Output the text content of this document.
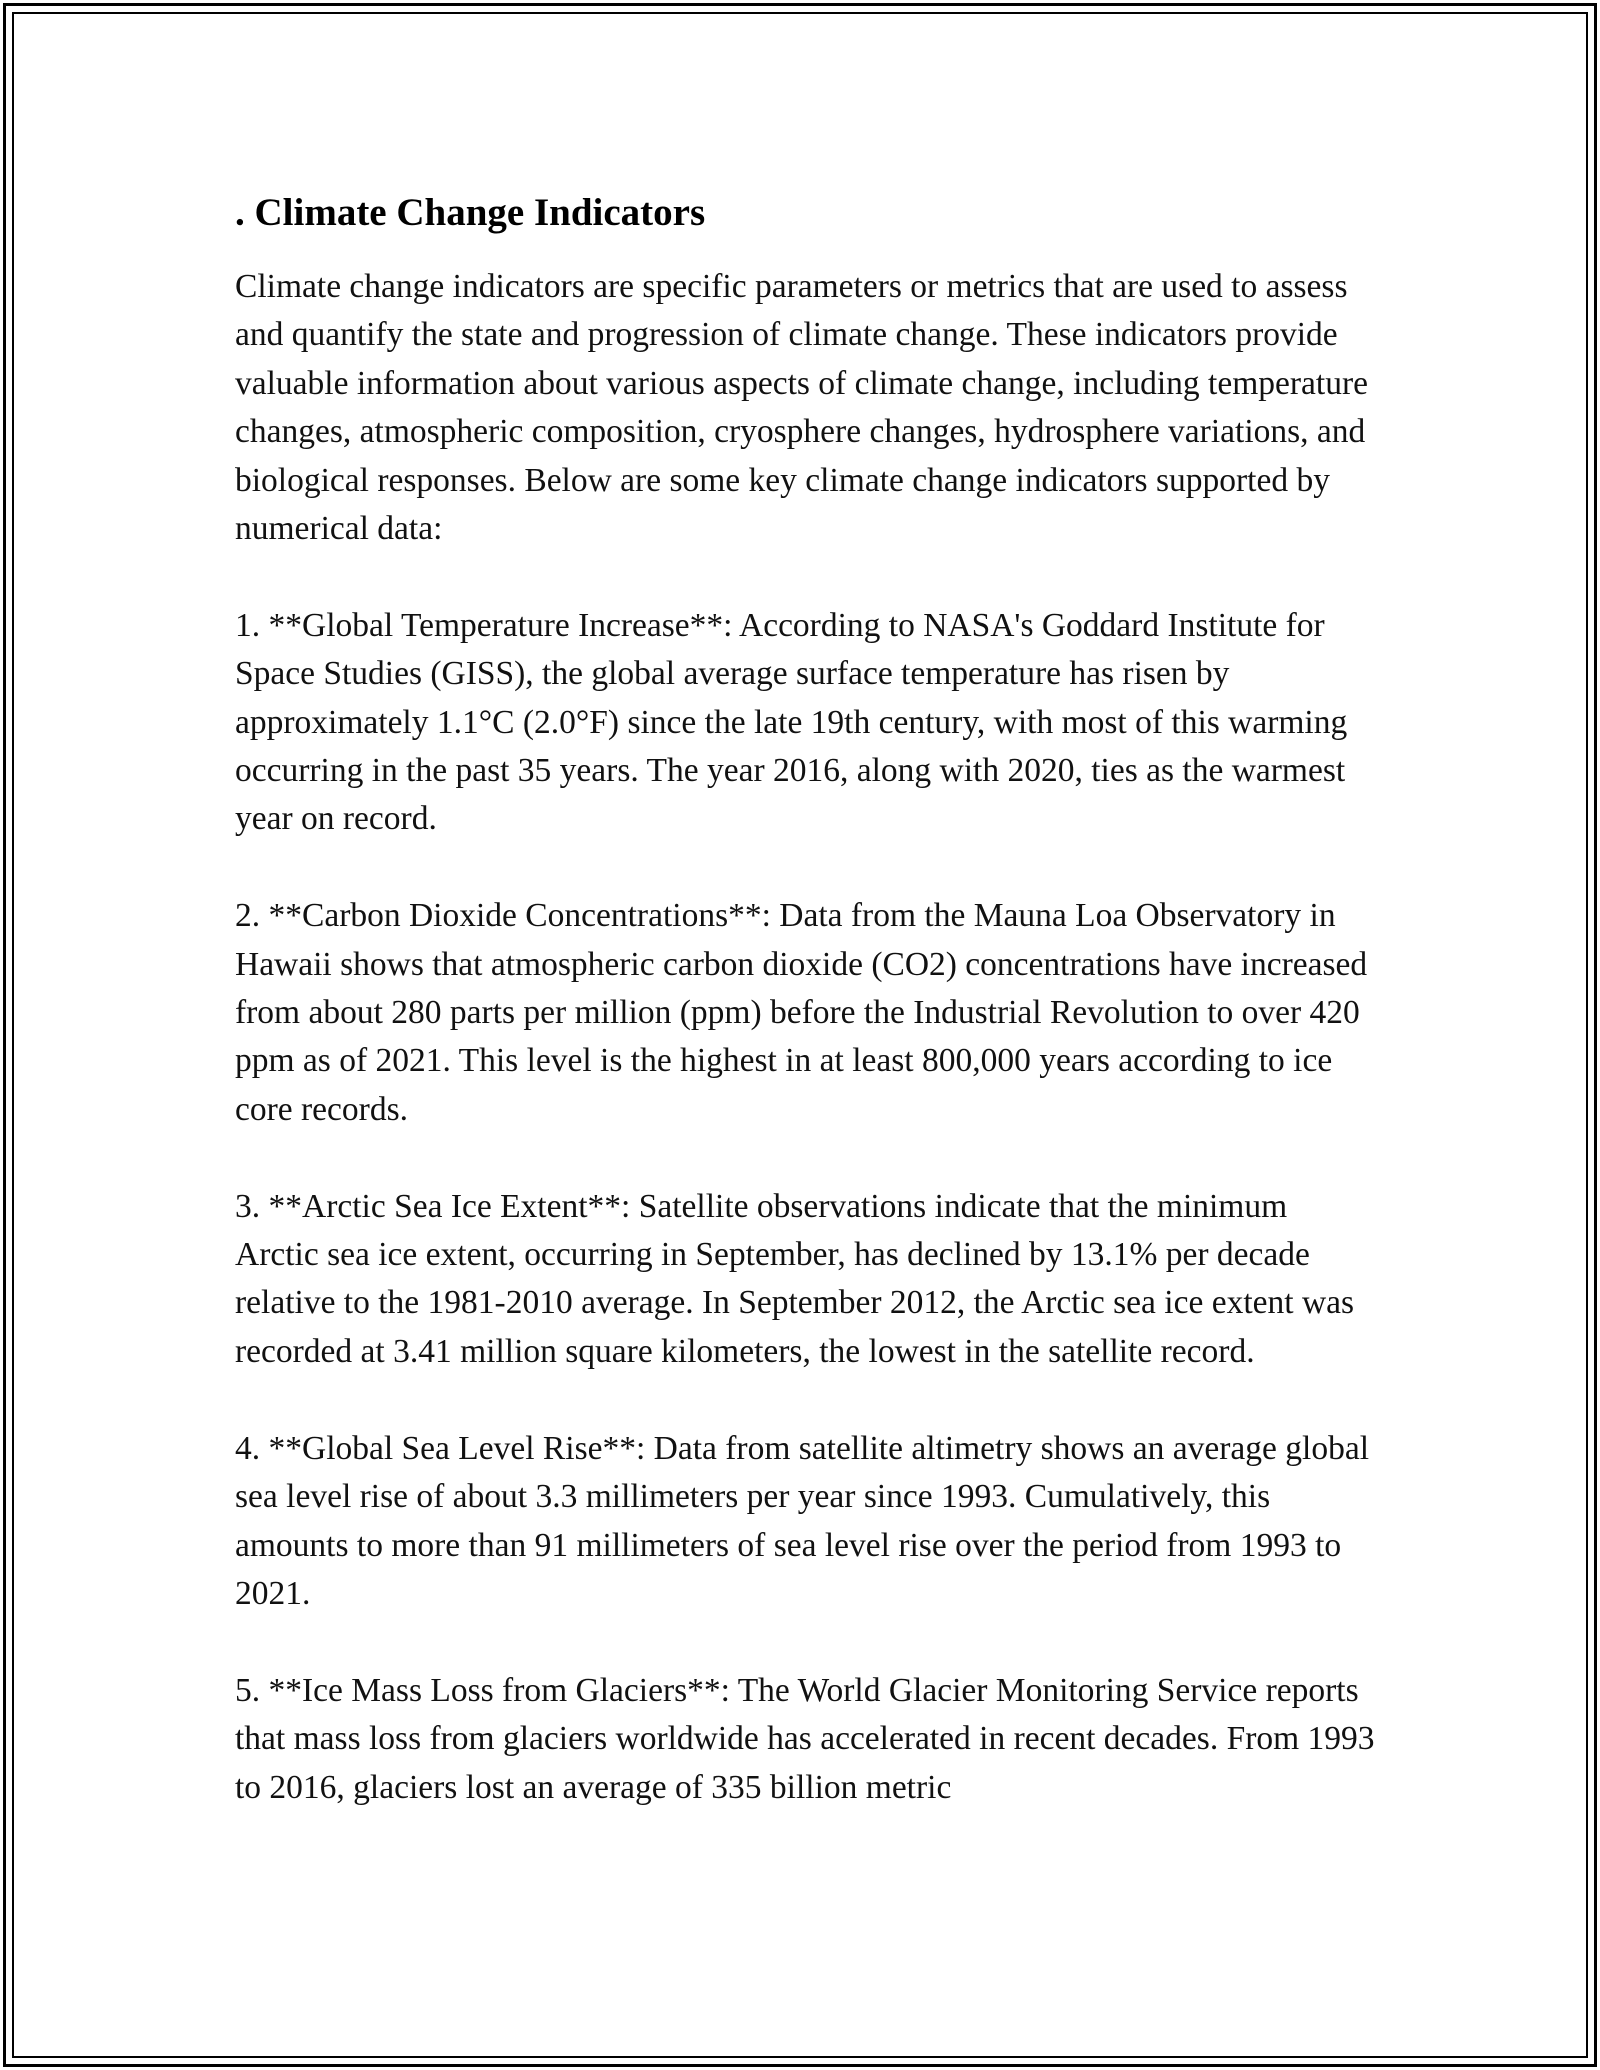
. Climate Change Indicators

Climate change indicators are specific parameters or metrics that are used to assess and quantify the state and progression of climate change. These indicators provide valuable information about various aspects of climate change, including temperature changes, atmospheric composition, cryosphere changes, hydrosphere variations, and biological responses. Below are some key climate change indicators supported by numerical data:

1. **Global Temperature Increase**: According to NASA's Goddard Institute for Space Studies (GISS), the global average surface temperature has risen by approximately 1.1°C (2.0°F) since the late 19th century, with most of this warming occurring in the past 35 years. The year 2016, along with 2020, ties as the warmest year on record.

2. **Carbon Dioxide Concentrations**: Data from the Mauna Loa Observatory in Hawaii shows that atmospheric carbon dioxide (CO2) concentrations have increased from about 280 parts per million (ppm) before the Industrial Revolution to over 420 ppm as of 2021. This level is the highest in at least 800,000 years according to ice core records.

3. **Arctic Sea Ice Extent**: Satellite observations indicate that the minimum Arctic sea ice extent, occurring in September, has declined by 13.1% per decade relative to the 1981-2010 average. In September 2012, the Arctic sea ice extent was recorded at 3.41 million square kilometers, the lowest in the satellite record.

4. **Global Sea Level Rise**: Data from satellite altimetry shows an average global sea level rise of about 3.3 millimeters per year since 1993. Cumulatively, this amounts to more than 91 millimeters of sea level rise over the period from 1993 to 2021.

5. **Ice Mass Loss from Glaciers**: The World Glacier Monitoring Service reports that mass loss from glaciers worldwide has accelerated in recent decades. From 1993 to 2016, glaciers lost an average of 335 billion metric
